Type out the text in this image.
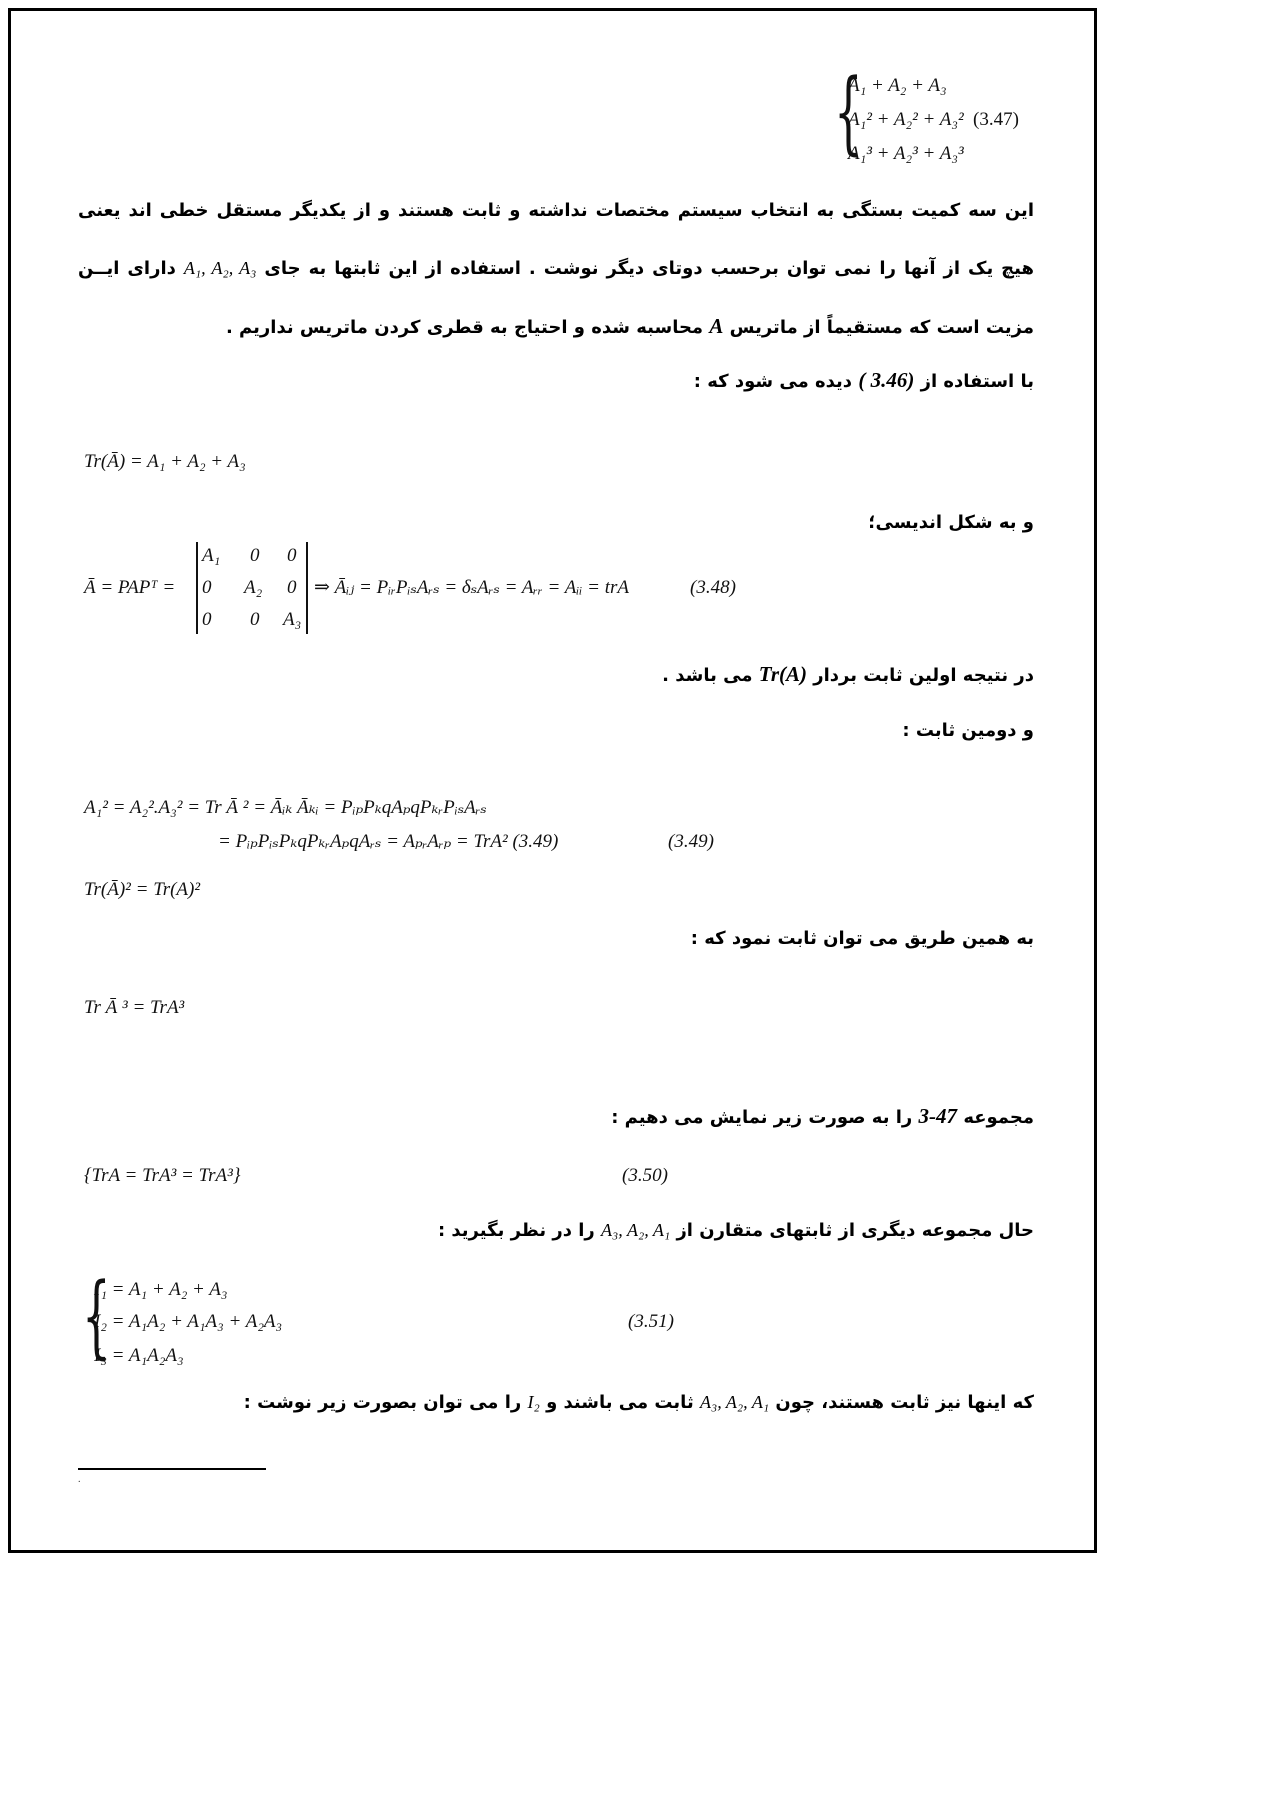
{
A₁ + A₂ + A₃
A₁² + A₂² + A₃²
A₁³ + A₂³ + A₃³
(3.47)
این سه کمیت بستگی به انتخاب سیستم مختصات نداشته و ثابت هستند و از یکدیگر مستقل خطی اند یعنی
هیچ یک از آنها را نمی توان برحسب دوتای دیگر نوشت . استفاده از این ثابتها به جای A₁, A₂, A₃ دارای ایــن
مزیت است که مستقیماً از ماتریس A محاسبه شده و احتیاج به قطری کردن ماتریس نداریم .
با استفاده از ( 3.46) دیده می شود که :
Tr(Ā) = A₁ + A₂ + A₃
و به شکل اندیسی؛
Ā = PAPᵀ =
A₁ 0 0
0 A₂ 0
0 0 A₃
⇒ Āᵢⱼ = PᵢᵣPᵢₛAᵣₛ = δₛAᵣₛ = Aᵣᵣ = Aᵢᵢ = trA	(3.48)
در نتیجه اولین ثابت بردار Tr(A) می باشد .
و دومین ثابت :
A₁² = A₂².A₃² = Tr Ā ² = Āᵢₖ Āₖᵢ = PᵢₚPₖqAₚqPₖᵣPᵢₛAᵣₛ
= PᵢₚPᵢₛPₖqPₖᵣAₚqAᵣₛ = AₚᵣAᵣₚ = TrA² (3.49)	(3.49)
Tr(Ā)² = Tr(A)²
به همین طریق می توان ثابت نمود که :
Tr Ā ³ = TrA³
مجموعه 3-47 را به صورت زیر نمایش می دهیم :
{TrA = TrA³ = TrA³}	(3.50)
حال مجموعه دیگری از ثابتهای متقارن از A₃, A₂, A₁ را در نظر بگیرید :
{
I₁ = A₁ + A₂ + A₃
I₂ = A₁A₂ + A₁A₃ + A₂A₃
I₃ = A₁A₂A₃
(3.51)
که اینها نیز ثابت هستند، چون A₃, A₂, A₁ ثابت می باشند و I₂ را می توان بصورت زیر نوشت :
.
